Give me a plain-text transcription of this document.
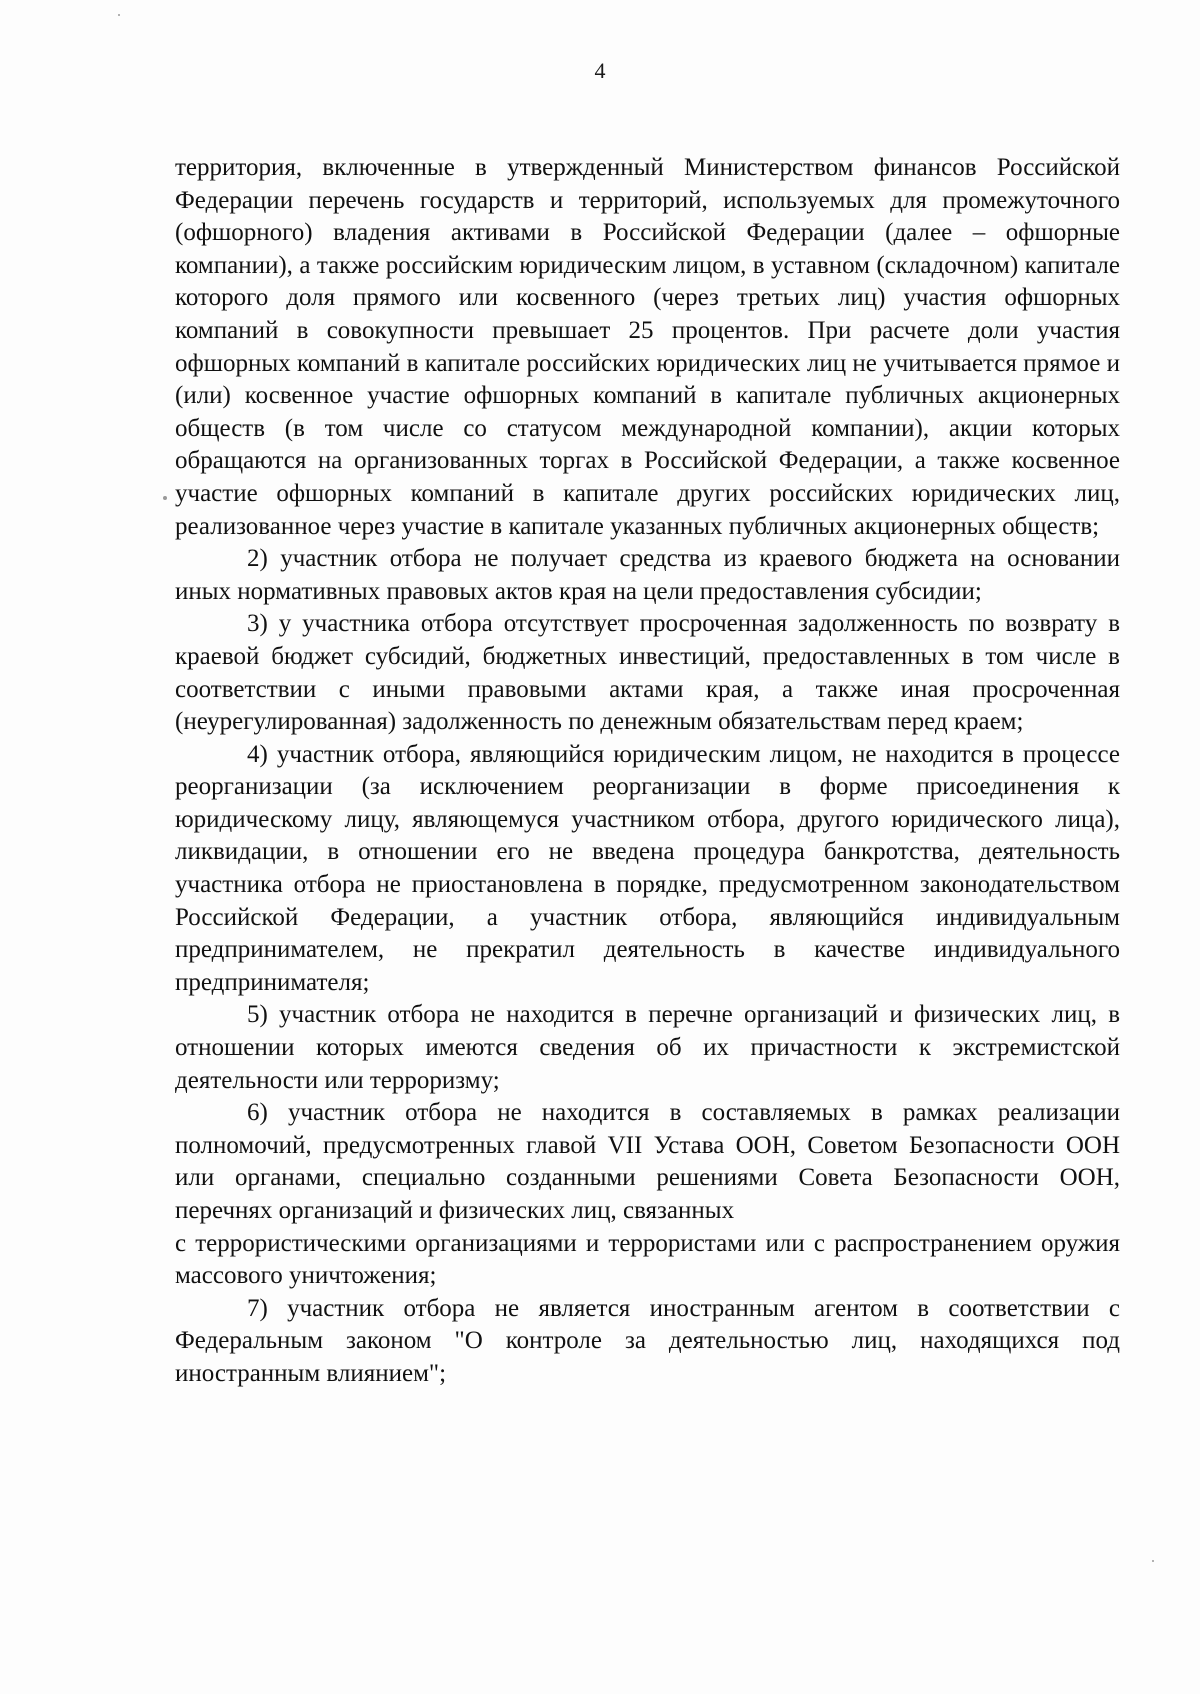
4

территория, включенные в утвержденный Министерством финансов Российской Федерации перечень государств и территорий, используемых для промежуточного (офшорного) владения активами в Российской Федерации (далее – офшорные компании), а также российским юридическим лицом, в уставном (складочном) капитале которого доля прямого или косвенного (через третьих лиц) участия офшорных компаний в совокупности превышает 25 процентов. При расчете доли участия офшорных компаний в капитале российских юридических лиц не учитывается прямое и (или) косвенное участие офшорных компаний в капитале публичных акционерных обществ (в том числе со статусом международной компании), акции которых обращаются на организованных торгах в Российской Федерации, а также косвенное участие офшорных компаний в капитале других российских юридических лиц, реализованное через участие в капитале указанных публичных акционерных обществ;

2) участник отбора не получает средства из краевого бюджета на основании иных нормативных правовых актов края на цели предоставления субсидии;

3) у участника отбора отсутствует просроченная задолженность по возврату в краевой бюджет субсидий, бюджетных инвестиций, предоставленных в том числе в соответствии с иными правовыми актами края, а также иная просроченная (неурегулированная) задолженность по денежным обязательствам перед краем;

4) участник отбора, являющийся юридическим лицом, не находится в процессе реорганизации (за исключением реорганизации в форме присоединения к юридическому лицу, являющемуся участником отбора, другого юридического лица), ликвидации, в отношении его не введена процедура банкротства, деятельность участника отбора не приостановлена в порядке, предусмотренном законодательством Российской Федерации, а участник отбора, являющийся индивидуальным предпринимателем, не прекратил деятельность в качестве индивидуального предпринимателя;

5) участник отбора не находится в перечне организаций и физических лиц, в отношении которых имеются сведения об их причастности к экстремистской деятельности или терроризму;

6) участник отбора не находится в составляемых в рамках реализации полномочий, предусмотренных главой VII Устава ООН, Советом Безопасности ООН или органами, специально созданными решениями Совета Безопасности ООН, перечнях организаций и физических лиц, связанных

с террористическими организациями и террористами или с распространением оружия массового уничтожения;

7) участник отбора не является иностранным агентом в соответствии с Федеральным законом "О контроле за деятельностью лиц, находящихся под иностранным влиянием";
